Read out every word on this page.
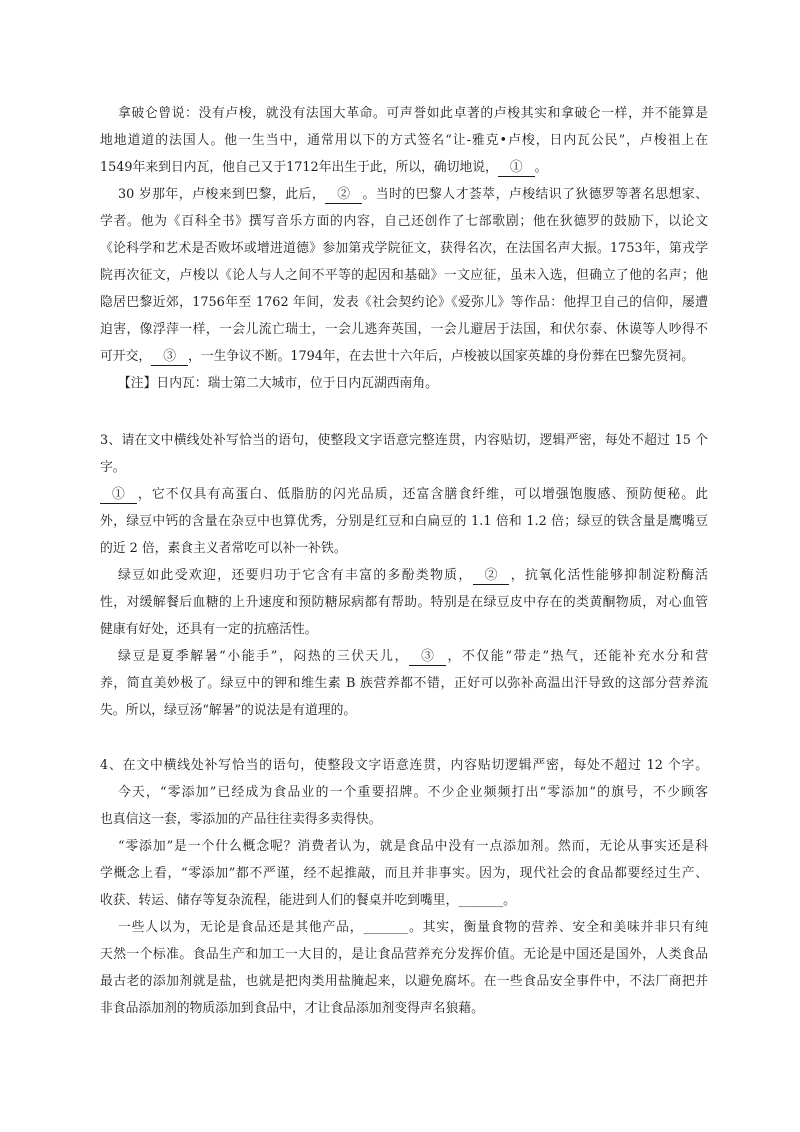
拿破仑曾说：没有卢梭，就没有法国大革命。可声誉如此卓著的卢梭其实和拿破仑一样，并不能算是
地地道道的法国人。他一生当中，通常用以下的方式签名“让-雅克•卢梭，日内瓦公民”，卢梭祖上在
1549年来到日内瓦，他自己又于1712年出生于此，所以，确切地说， ① 。
30 岁那年，卢梭来到巴黎，此后， ② 。当时的巴黎人才荟萃，卢梭结识了狄德罗等著名思想家、
学者。他为《百科全书》撰写音乐方面的内容，自己还创作了七部歌剧；他在狄德罗的鼓励下，以论文
《论科学和艺术是否败坏或增进道德》参加第戎学院征文，获得名次，在法国名声大振。1753年，第戎学
院再次征文，卢梭以《论人与人之间不平等的起因和基础》一文应征，虽未入选，但确立了他的名声；他
隐居巴黎近郊，1756年至 1762 年间，发表《社会契约论》《爱弥儿》等作品：他捍卫自己的信仰，屡遭
迫害，像浮萍一样，一会儿流亡瑞士，一会儿逃奔英国，一会儿避居于法国，和伏尔泰、休谟等人吵得不
可开交， ③ ，一生争议不断。1794年，在去世十六年后，卢梭被以国家英雄的身份葬在巴黎先贤祠。
【注】日内瓦：瑞士第二大城市，位于日内瓦湖西南角。
3、请在文中横线处补写恰当的语句，使整段文字语意完整连贯，内容贴切，逻辑严密，每处不超过 15 个
字。
① ，它不仅具有高蛋白、低脂肪的闪光品质，还富含膳食纤维，可以增强饱腹感、预防便秘。此
外，绿豆中钙的含量在杂豆中也算优秀，分别是红豆和白扁豆的 1.1 倍和 1.2 倍；绿豆的铁含量是鹰嘴豆
的近 2 倍，素食主义者常吃可以补一补铁。
绿豆如此受欢迎，还要归功于它含有丰富的多酚类物质， ② ，抗氧化活性能够抑制淀粉酶活
性，对缓解餐后血糖的上升速度和预防糖尿病都有帮助。特别是在绿豆皮中存在的类黄酮物质，对心血管
健康有好处，还具有一定的抗癌活性。
绿豆是夏季解暑“小能手”，闷热的三伏天儿， ③ ，不仅能“带走”热气，还能补充水分和营
养，简直美妙极了。绿豆中的钾和维生素 B 族营养都不错，正好可以弥补高温出汗导致的这部分营养流
失。所以，绿豆汤“解暑”的说法是有道理的。
4、在文中横线处补写恰当的语句，使整段文字语意连贯，内容贴切逻辑严密，每处不超过 12 个字。
今天，“零添加”已经成为食品业的一个重要招牌。不少企业频频打出“零添加”的旗号，不少顾客
也真信这一套，零添加的产品往往卖得多卖得快。
“零添加”是一个什么概念呢？消费者认为，就是食品中没有一点添加剂。然而，无论从事实还是科
学概念上看，“零添加”都不严谨，经不起推敲，而且并非事实。因为，现代社会的食品都要经过生产、
收获、转运、储存等复杂流程，能进到人们的餐桌并吃到嘴里，_______。
一些人以为，无论是食品还是其他产品，_______。其实，衡量食物的营养、安全和美味并非只有纯
天然一个标准。食品生产和加工一大目的，是让食品营养充分发挥价值。无论是中国还是国外，人类食品
最古老的添加剂就是盐，也就是把肉类用盐腌起来，以避免腐坏。在一些食品安全事件中，不法厂商把并
非食品添加剂的物质添加到食品中，才让食品添加剂变得声名狼藉。
